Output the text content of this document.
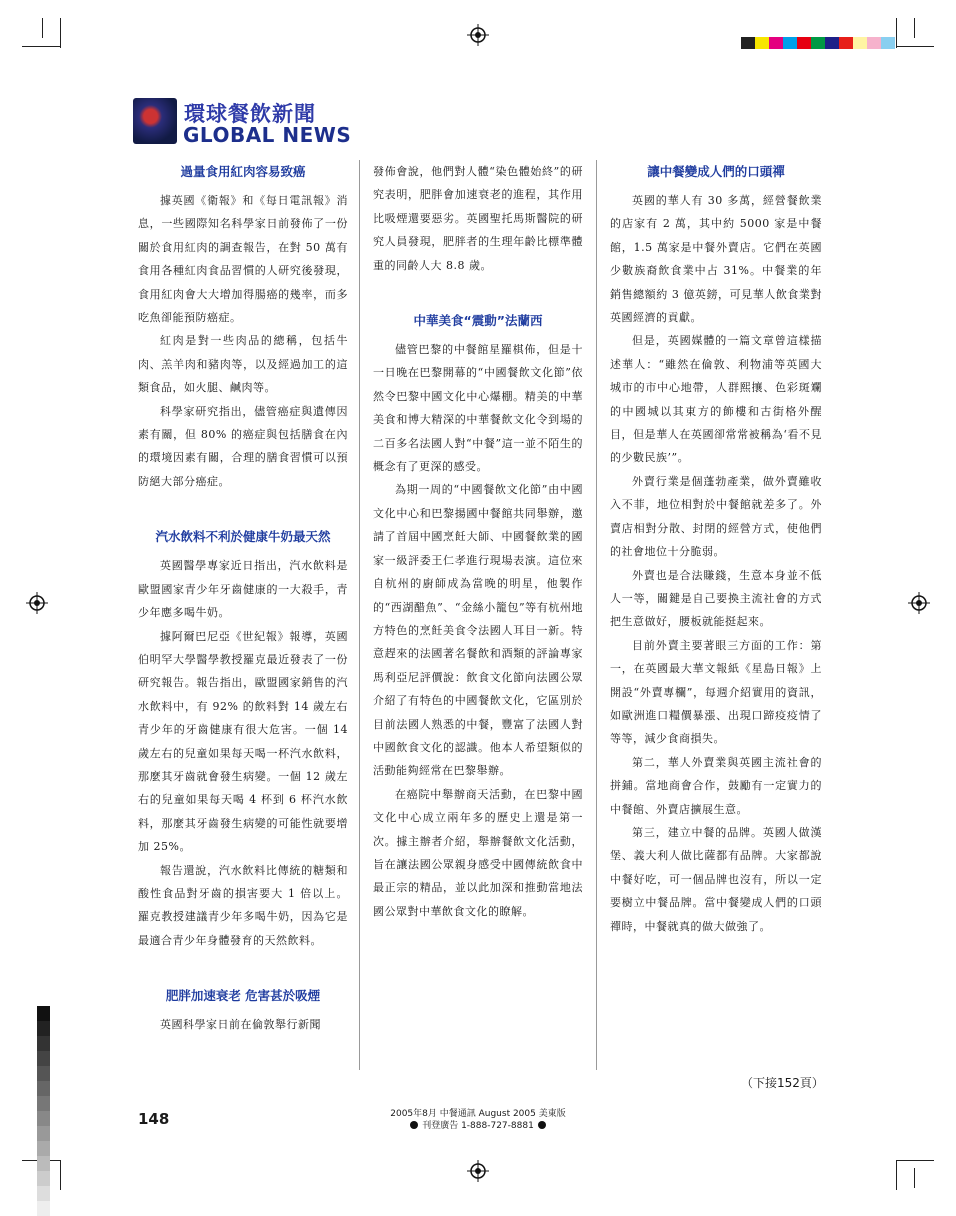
環球餐飲新聞
GLOBAL NEWS
過量食用紅肉容易致癌

據英國《衛報》和《每日電訊報》消息，一些國際知名科學家日前發佈了一份關於食用紅肉的調查報告，在對 50 萬有食用各種紅肉食品習慣的人研究後發現，食用紅肉會大大增加得腸癌的幾率，而多吃魚卻能預防癌症。

紅肉是對一些肉品的總稱，包括牛肉、羔羊肉和豬肉等，以及經過加工的這類食品，如火腿、鹹肉等。

科學家研究指出，儘管癌症與遺傳因素有關，但 80% 的癌症與包括膳食在內的環境因素有關，合理的膳食習慣可以預防絕大部分癌症。

汽水飲料不利於健康牛奶最天然

英國醫學專家近日指出，汽水飲料是歐盟國家青少年牙齒健康的一大殺手，青少年應多喝牛奶。

據阿爾巴尼亞《世紀報》報導，英國伯明罕大學醫學教授羅克最近發表了一份研究報告。報告指出，歐盟國家銷售的汽水飲料中，有 92% 的飲料對 14 歲左右青少年的牙齒健康有很大危害。一個 14 歲左右的兒童如果每天喝一杯汽水飲料，那麼其牙齒就會發生病變。一個 12 歲左右的兒童如果每天喝 4 杯到 6 杯汽水飲料，那麼其牙齒發生病變的可能性就要增加 25%。

報告還說，汽水飲料比傳統的糖類和酸性食品對牙齒的損害要大 1 倍以上。羅克教授建議青少年多喝牛奶，因為它是最適合青少年身體發育的天然飲料。

肥胖加速衰老 危害甚於吸煙

英國科學家日前在倫敦舉行新聞

發佈會說，他們對人體“染色體始終”的研究表明，肥胖會加速衰老的進程，其作用比吸煙還要惡劣。英國聖托馬斯醫院的研究人員發現，肥胖者的生理年齡比標準體重的同齡人大 8.8 歲。

中華美食“震動”法蘭西

儘管巴黎的中餐館星羅棋佈，但是十一日晚在巴黎開幕的“中國餐飲文化節”依然令巴黎中國文化中心爆棚。精美的中華美食和博大精深的中華餐飲文化令到場的二百多名法國人對“中餐”這一並不陌生的概念有了更深的感受。

為期一周的“中國餐飲文化節”由中國文化中心和巴黎揚國中餐館共同舉辦，邀請了首屆中國烹飪大師、中國餐飲業的國家一級評委王仁孝進行現場表演。這位來自杭州的廚師成為當晚的明星，他製作的“西湖醋魚”、“金絲小籠包”等有杭州地方特色的烹飪美食令法國人耳目一新。特意趕來的法國著名餐飲和酒類的評論專家馬利亞尼評價說：飲食文化節向法國公眾介紹了有特色的中國餐飲文化，它區別於目前法國人熟悉的中餐，豐富了法國人對中國飲食文化的認識。他本人希望類似的活動能夠經常在巴黎舉辦。

在癌院中舉辦商天活動，在巴黎中國文化中心成立兩年多的歷史上還是第一次。據主辦者介紹，舉辦餐飲文化活動，旨在讓法國公眾親身感受中國傳統飲食中最正宗的精品，並以此加深和推動當地法國公眾對中華飲食文化的瞭解。

讓中餐變成人們的口頭禪

英國的華人有 30 多萬，經營餐飲業的店家有 2 萬，其中約 5000 家是中餐館，1.5 萬家是中餐外賣店。它們在英國少數族裔飲食業中占 31%。中餐業的年銷售總額約 3 億英鎊，可見華人飲食業對英國經濟的貢獻。

但是，英國媒體的一篇文章曾這樣描述華人：“雖然在倫敦、利物浦等英國大城市的市中心地帶，人群熙攘、色彩斑斕的中國城以其東方的飾樓和古街格外醒目，但是華人在英國卻常常被稱為‘看不見的少數民族’”。

外賣行業是個蓬勃產業，做外賣雖收入不菲，地位相對於中餐館就差多了。外賣店相對分散、封閉的經營方式，使他們的社會地位十分脆弱。

外賣也是合法賺錢，生意本身並不低人一等，關鍵是自己要換主流社會的方式把生意做好，腰板就能挺起來。

目前外賣主要著眼三方面的工作：第一，在英國最大華文報紙《星島日報》上開設“外賣專欄”，每週介紹實用的資訊，如歐洲進口糧價暴漲、出現口蹄疫疫情了等等，減少食商損失。

第二，華人外賣業與英國主流社會的拼鋪。當地商會合作，鼓勵有一定實力的中餐館、外賣店擴展生意。

第三，建立中餐的品牌。英國人做漢堡、義大利人做比薩都有品牌。大家都說中餐好吃，可一個品牌也沒有，所以一定要樹立中餐品牌。當中餐變成人們的口頭禪時，中餐就真的做大做強了。

（下接152頁）
148	2005年8月 中餐通訊 August 2005 美東版
刊登廣告 1-888-727-8881
